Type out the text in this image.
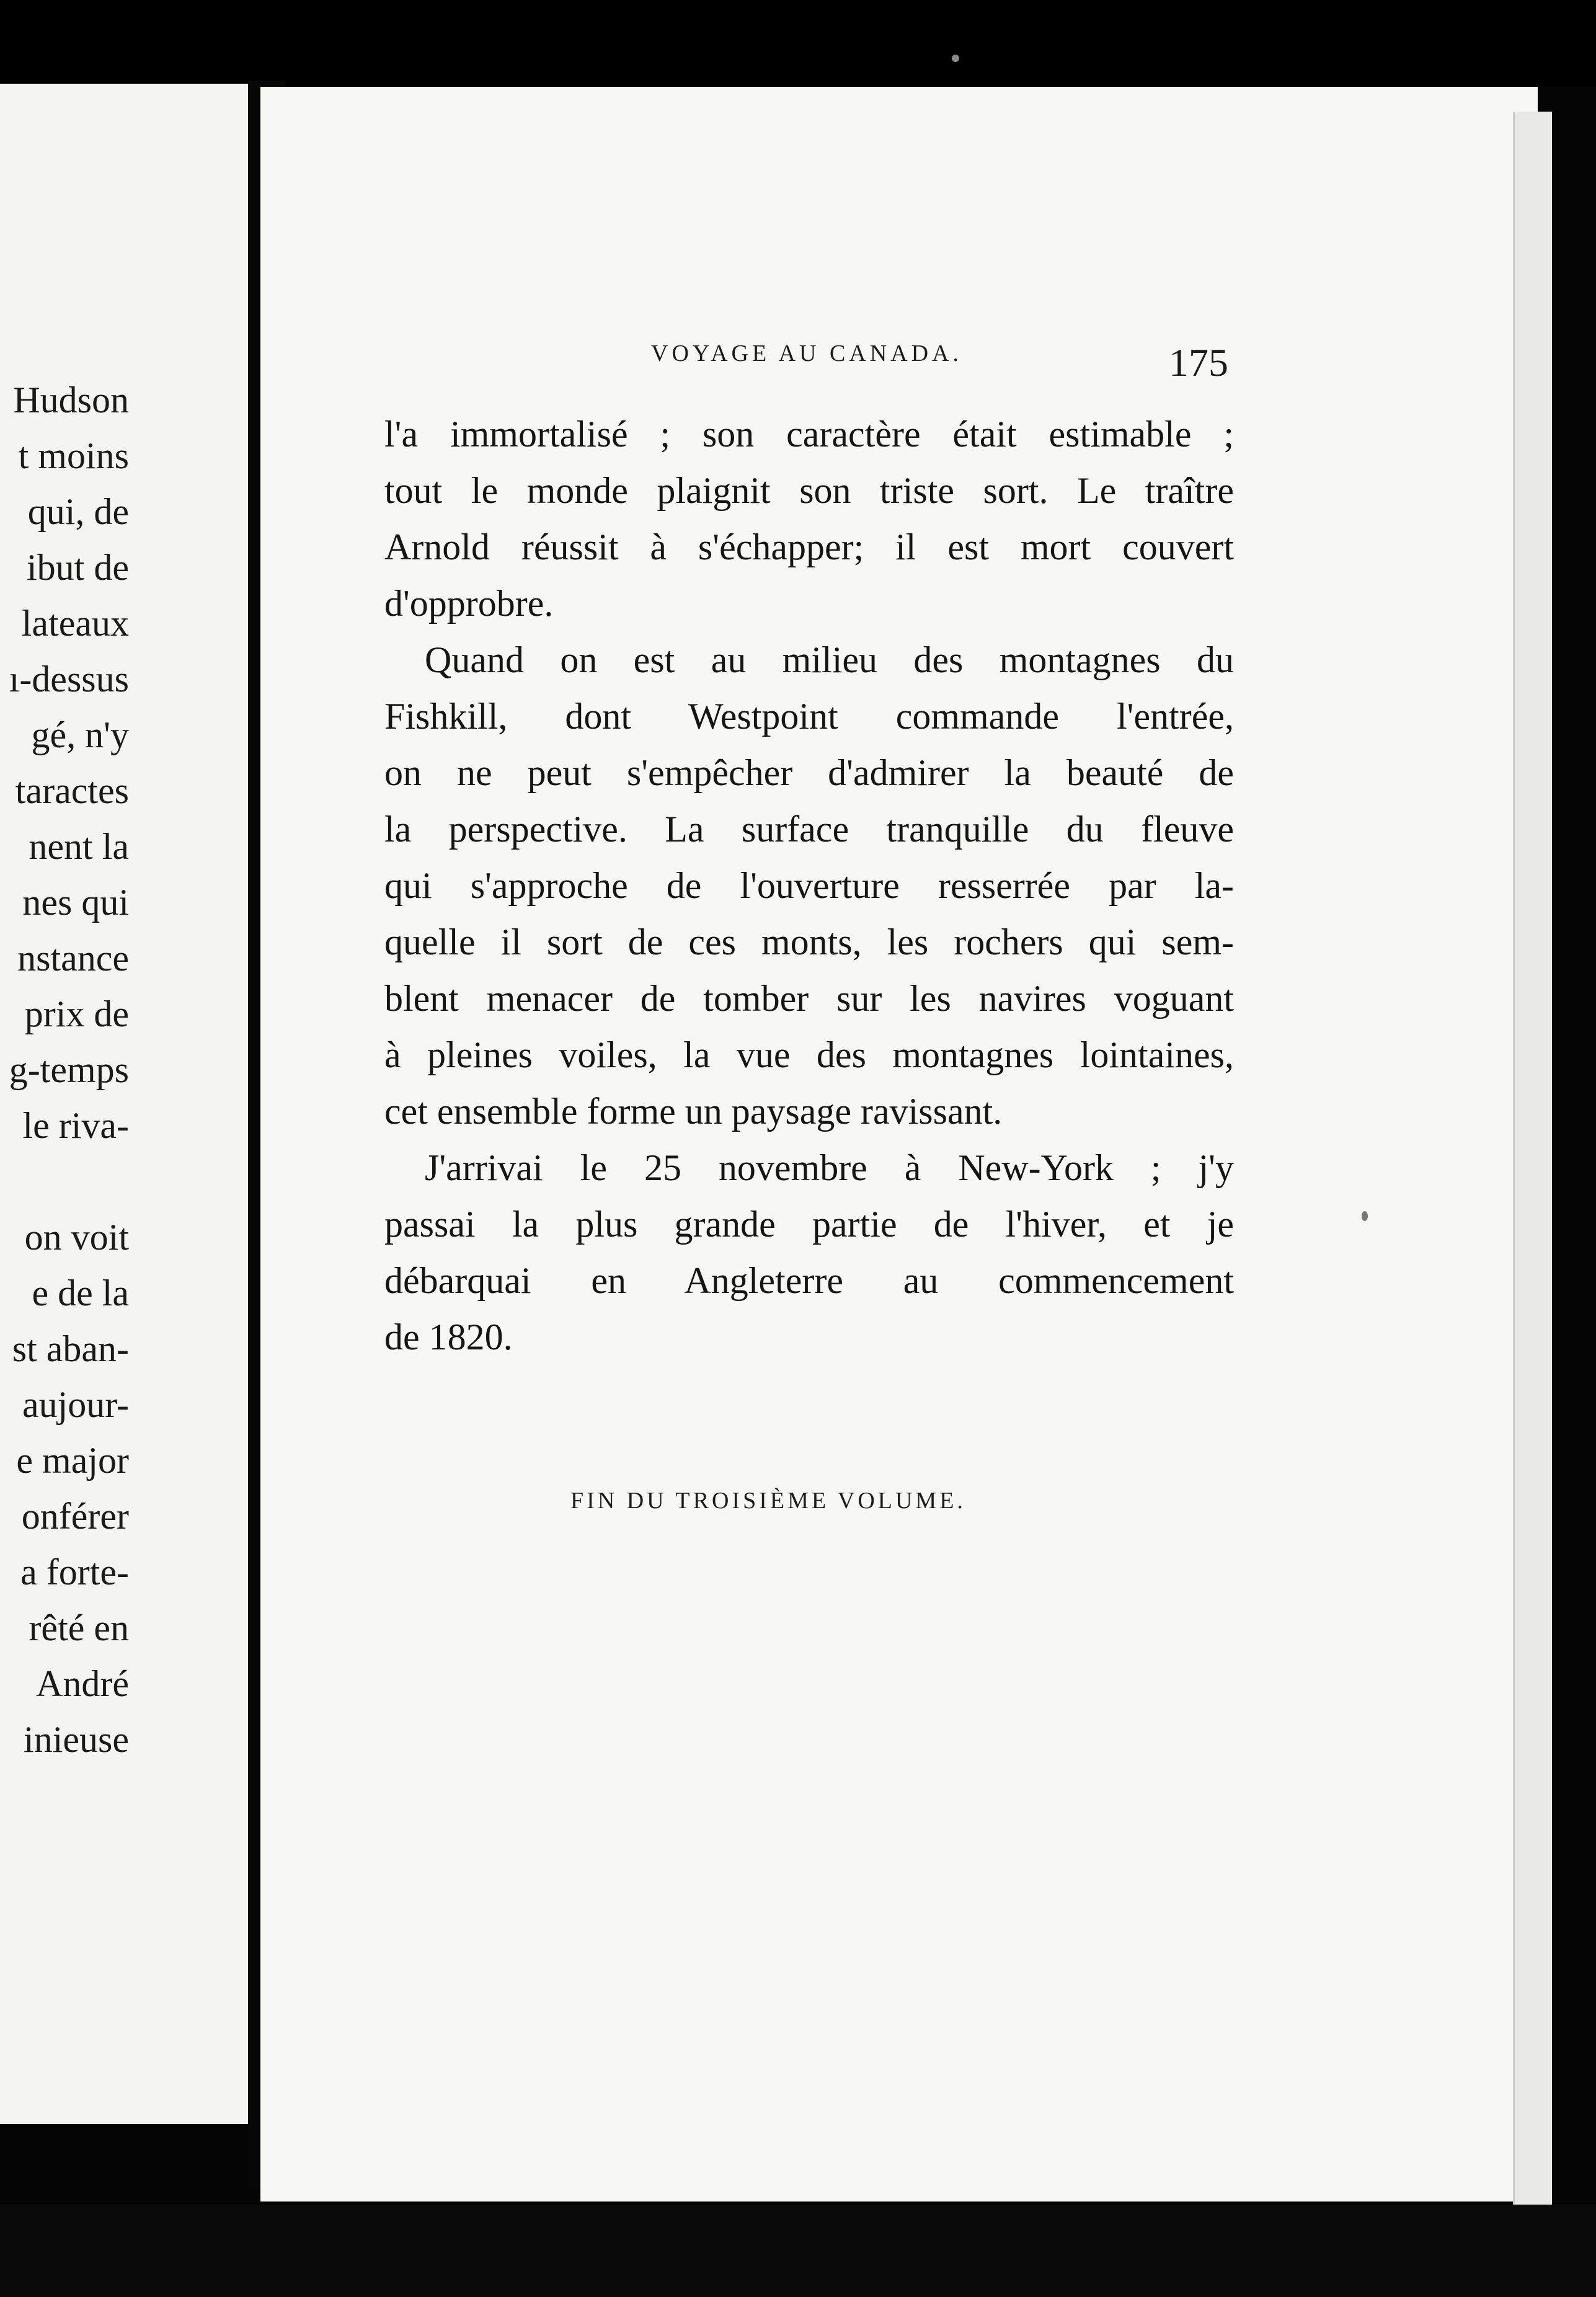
Hudson
t moins
qui, de
ibut de
lateaux
ı-dessus
gé, n'y
taractes
nent la
nes qui
nstance
prix de
g-temps
le riva-
on voit
e de la
st aban-
aujour-
e major
onférer
a forte-
rêté en
André
inieuse
VOYAGE AU CANADA.	175
l'a immortalisé ; son caractère était estimable ;
tout le monde plaignit son triste sort. Le traître
Arnold réussit à s'échapper; il est mort couvert
d'opprobre.
Quand on est au milieu des montagnes du
Fishkill, dont Westpoint commande l'entrée,
on ne peut s'empêcher d'admirer la beauté de
la perspective. La surface tranquille du fleuve
qui s'approche de l'ouverture resserrée par la-
quelle il sort de ces monts, les rochers qui sem-
blent menacer de tomber sur les navires voguant
à pleines voiles, la vue des montagnes lointaines,
cet ensemble forme un paysage ravissant.
J'arrivai le 25 novembre à New-York ; j'y
passai la plus grande partie de l'hiver, et je
débarquai en Angleterre au commencement
de 1820.
FIN DU TROISIÈME VOLUME.
